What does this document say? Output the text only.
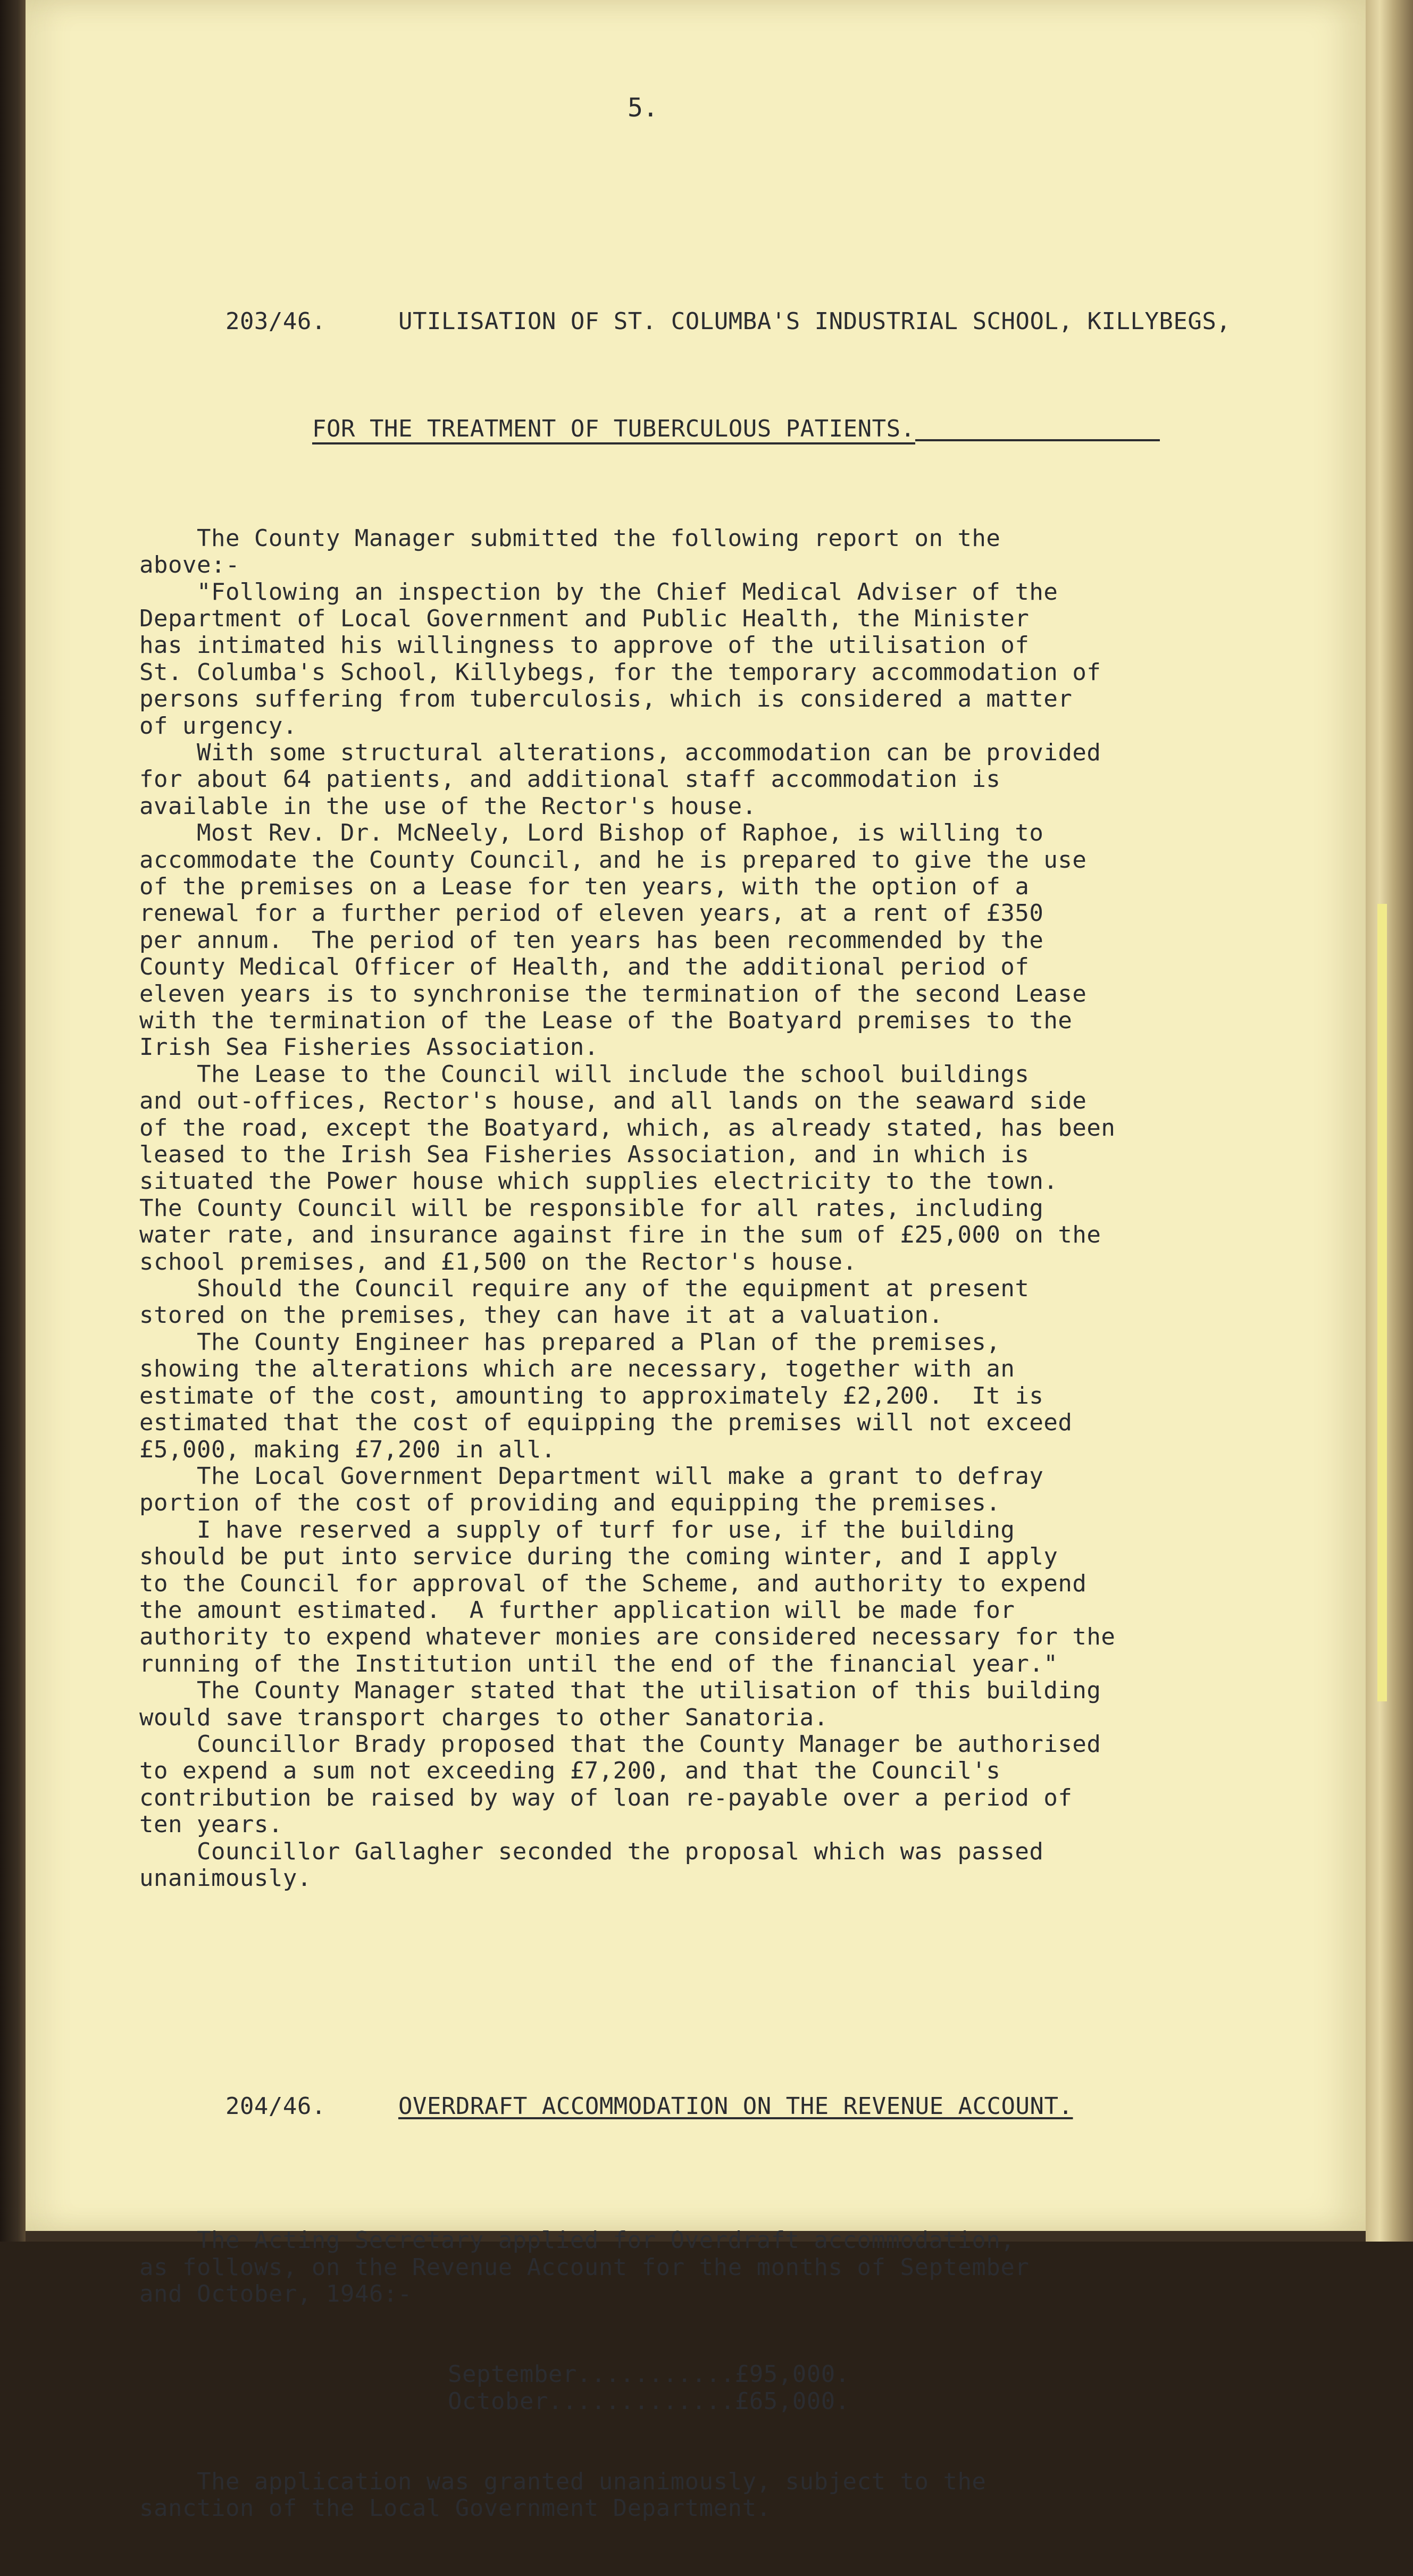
5.

203/46.	UTILISATION OF ST. COLUMBA'S INDUSTRIAL SCHOOL, KILLYBEGS,

FOR THE TREATMENT OF TUBERCULOUS PATIENTS.

The County Manager submitted the following report on the

above:-

"Following an inspection by the Chief Medical Adviser of the

Department of Local Government and Public Health, the Minister

has intimated his willingness to approve of the utilisation of

St. Columba's School, Killybegs, for the temporary accommodation of

persons suffering from tuberculosis, which is considered a matter

of urgency.

With some structural alterations, accommodation can be provided

for about 64 patients, and additional staff accommodation is

available in the use of the Rector's house.

Most Rev. Dr. McNeely, Lord Bishop of Raphoe, is willing to

accommodate the County Council, and he is prepared to give the use

of the premises on a Lease for ten years, with the option of a

renewal for a further period of eleven years, at a rent of £350

per annum.  The period of ten years has been recommended by the

County Medical Officer of Health, and the additional period of

eleven years is to synchronise the termination of the second Lease

with the termination of the Lease of the Boatyard premises to the

Irish Sea Fisheries Association.

The Lease to the Council will include the school buildings

and out-offices, Rector's house, and all lands on the seaward side

of the road, except the Boatyard, which, as already stated, has been

leased to the Irish Sea Fisheries Association, and in which is

situated the Power house which supplies electricity to the town.

The County Council will be responsible for all rates, including

water rate, and insurance against fire in the sum of £25,000 on the

school premises, and £1,500 on the Rector's house.

Should the Council require any of the equipment at present

stored on the premises, they can have it at a valuation.

The County Engineer has prepared a Plan of the premises,

showing the alterations which are necessary, together with an

estimate of the cost, amounting to approximately £2,200.  It is

estimated that the cost of equipping the premises will not exceed

£5,000, making £7,200 in all.

The Local Government Department will make a grant to defray

portion of the cost of providing and equipping the premises.

I have reserved a supply of turf for use, if the building

should be put into service during the coming winter, and I apply

to the Council for approval of the Scheme, and authority to expend

the amount estimated.  A further application will be made for

authority to expend whatever monies are considered necessary for the

running of the Institution until the end of the financial year."

The County Manager stated that the utilisation of this building

would save transport charges to other Sanatoria.

Councillor Brady proposed that the County Manager be authorised

to expend a sum not exceeding £7,200, and that the Council's

contribution be raised by way of loan re-payable over a period of

ten years.

Councillor Gallagher seconded the proposal which was passed

unanimously.

204/46.	OVERDRAFT ACCOMMODATION ON THE REVENUE ACCOUNT.

The Acting Secretary applied for Overdraft accommodation,

as follows, on the Revenue Account for the months of September

and October, 1946:-

September...........£95,000.

October.............£65,000.

The application was granted unanimously, subject to the

sanction of the Local Government Department.
